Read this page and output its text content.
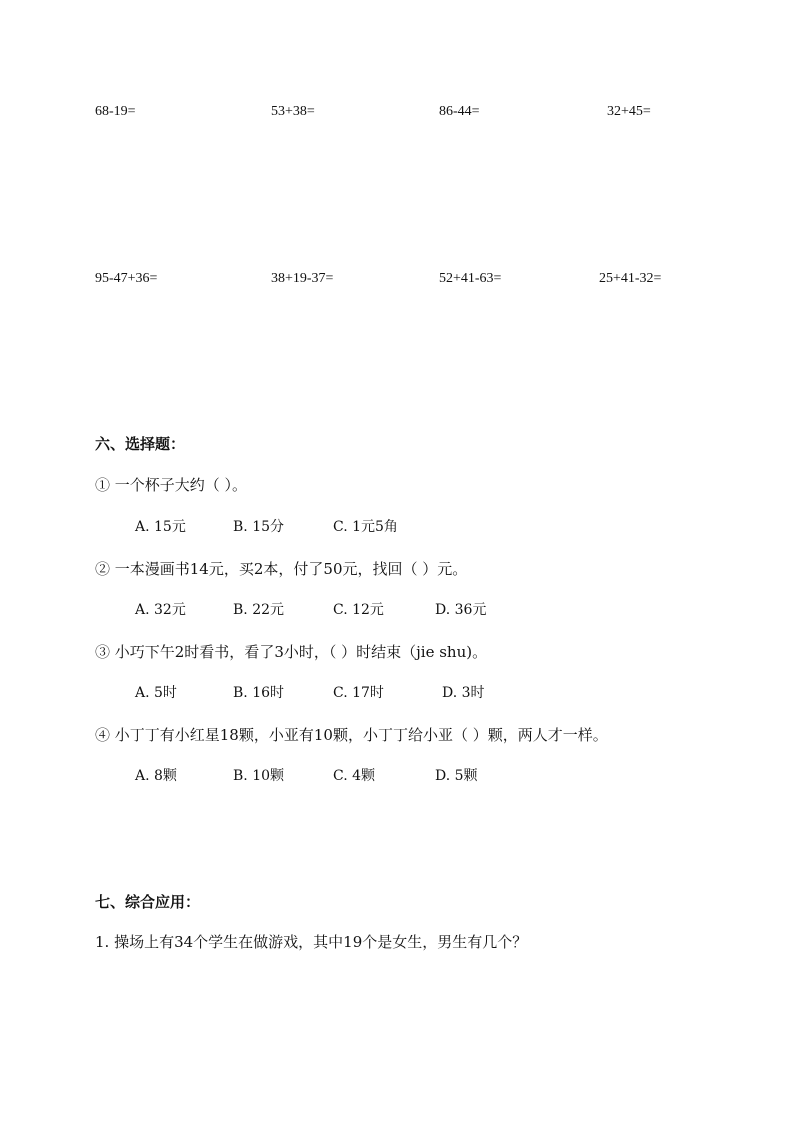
68-19=	53+38=	86-44=	32+45=
95-47+36=	38+19-37=	52+41-63=	25+41-32=
六、选择题：
① 一个杯子大约（ ）。
A. 15元	B. 15分	C. 1元5角
② 一本漫画书14元，买2本，付了50元，找回（ ）元。
A. 32元	B. 22元	C. 12元	D. 36元
③ 小巧下午2时看书，看了3小时，（ ）时结束（jie shu)。
A. 5时	B. 16时	C. 17时	D. 3时
④ 小丁丁有小红星18颗，小亚有10颗，小丁丁给小亚（ ）颗，两人才一样。
A. 8颗	B. 10颗	C. 4颗	D. 5颗
七、综合应用：
1. 操场上有34个学生在做游戏，其中19个是女生，男生有几个？
